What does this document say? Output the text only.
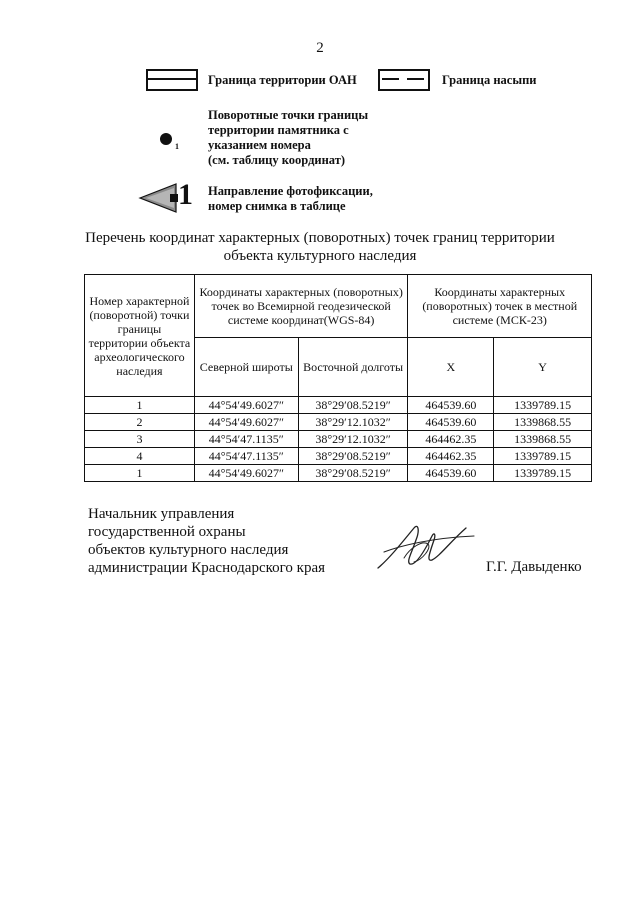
2
Граница территории ОАН	Граница насыпи
1
Поворотные точки границы
территории памятника с
указанием номера
(см. таблицу координат)
1 Направление фотофиксации,
номер снимка в таблице
Перечень координат характерных (поворотных) точек границ территории
объекта культурного наследия
Номер характерной (поворотной) точки границы территории объекта археологического наследия	Координаты характерных (поворотных) точек во Всемирной геодезической системе координат(WGS-84)		Координаты характерных (поворотных) точек в местной системе (МСК-23)	
	Северной широты	Восточной долготы	X	Y
1	44°54′49.6027″	38°29′08.5219″	464539.60	1339789.15
2	44°54′49.6027″	38°29′12.1032″	464539.60	1339868.55
3	44°54′47.1135″	38°29′12.1032″	464462.35	1339868.55
4	44°54′47.1135″	38°29′08.5219″	464462.35	1339789.15
1	44°54′49.6027″	38°29′08.5219″	464539.60	1339789.15
Начальник управления
государственной охраны
объектов культурного наследия
администрации Краснодарского края	Г.Г. Давыденко
